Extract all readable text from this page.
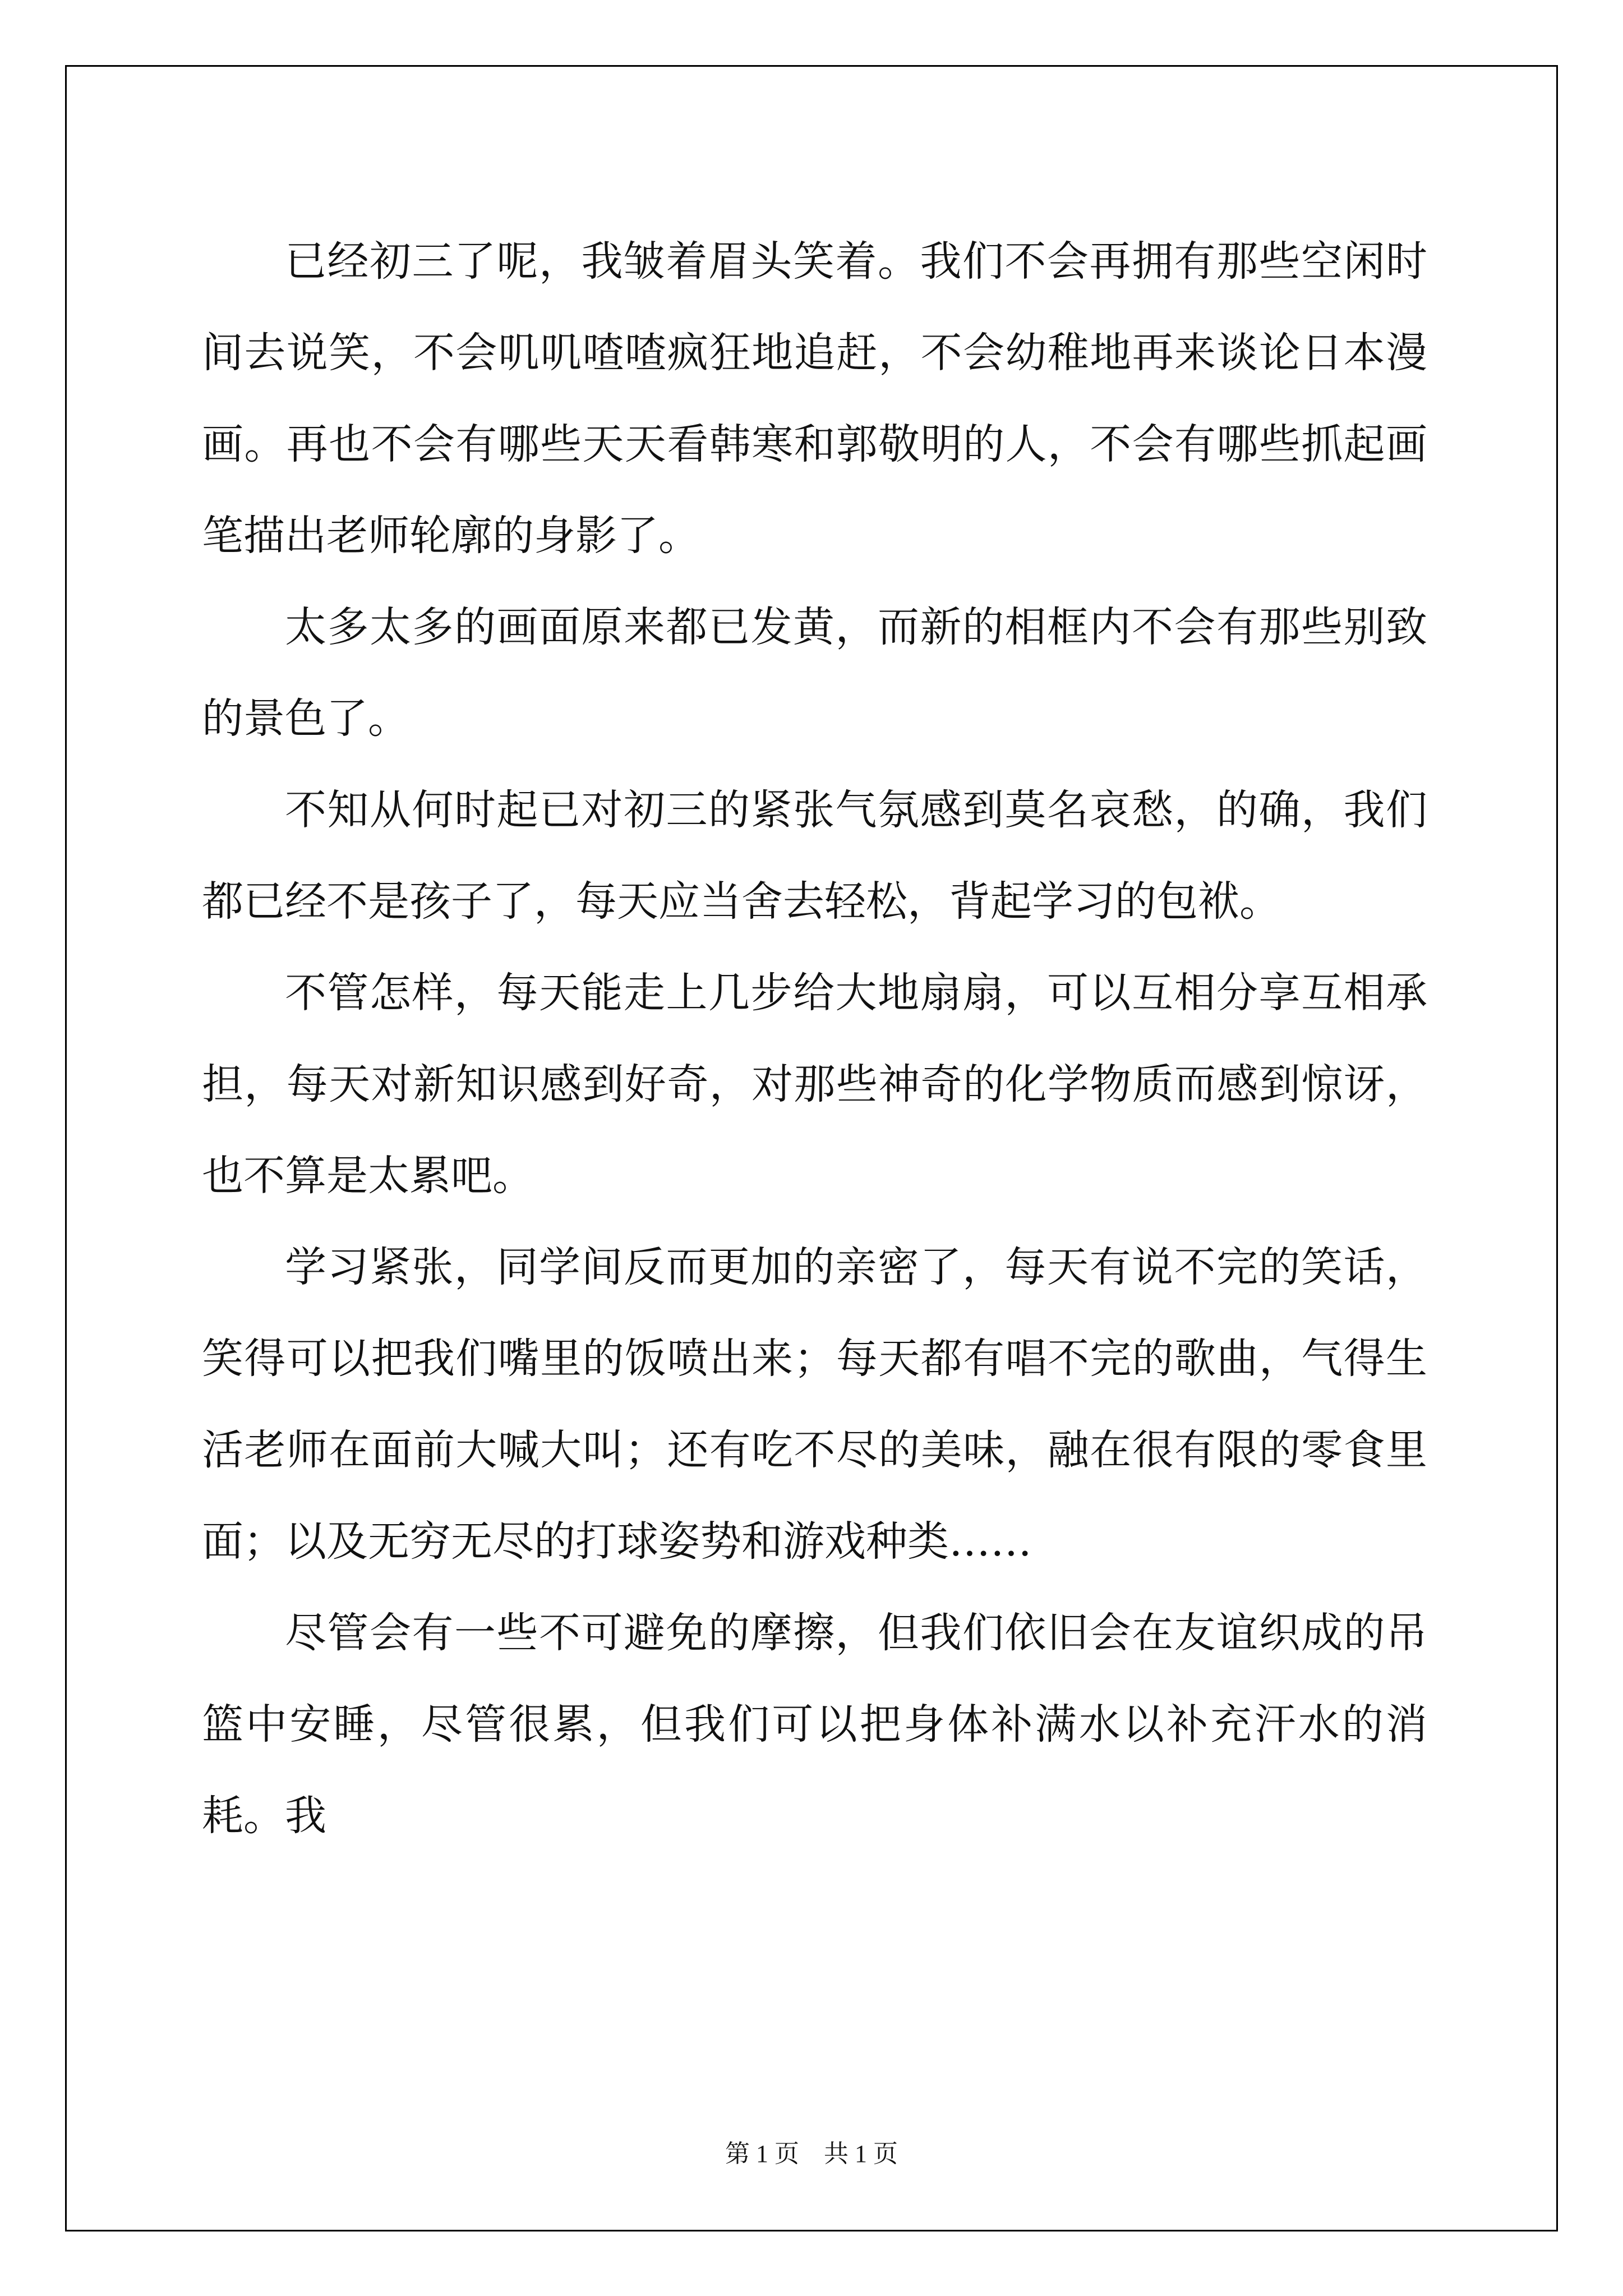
已经初三了呢，我皱着眉头笑着。我们不会再拥有那些空闲时间去说笑，不会叽叽喳喳疯狂地追赶，不会幼稚地再来谈论日本漫画。再也不会有哪些天天看韩寒和郭敬明的人，不会有哪些抓起画笔描出老师轮廓的身影了。

太多太多的画面原来都已发黄，而新的相框内不会有那些别致的景色了。

不知从何时起已对初三的紧张气氛感到莫名哀愁，的确，我们都已经不是孩子了，每天应当舍去轻松，背起学习的包袱。

不管怎样，每天能走上几步给大地扇扇，可以互相分享互相承担，每天对新知识感到好奇，对那些神奇的化学物质而感到惊讶，也不算是太累吧。

学习紧张，同学间反而更加的亲密了，每天有说不完的笑话，笑得可以把我们嘴里的饭喷出来；每天都有唱不完的歌曲，气得生活老师在面前大喊大叫；还有吃不尽的美味，融在很有限的零食里面；以及无穷无尽的打球姿势和游戏种类……

尽管会有一些不可避免的摩擦，但我们依旧会在友谊织成的吊篮中安睡，尽管很累，但我们可以把身体补满水以补充汗水的消耗。我

第 1 页    共 1 页
